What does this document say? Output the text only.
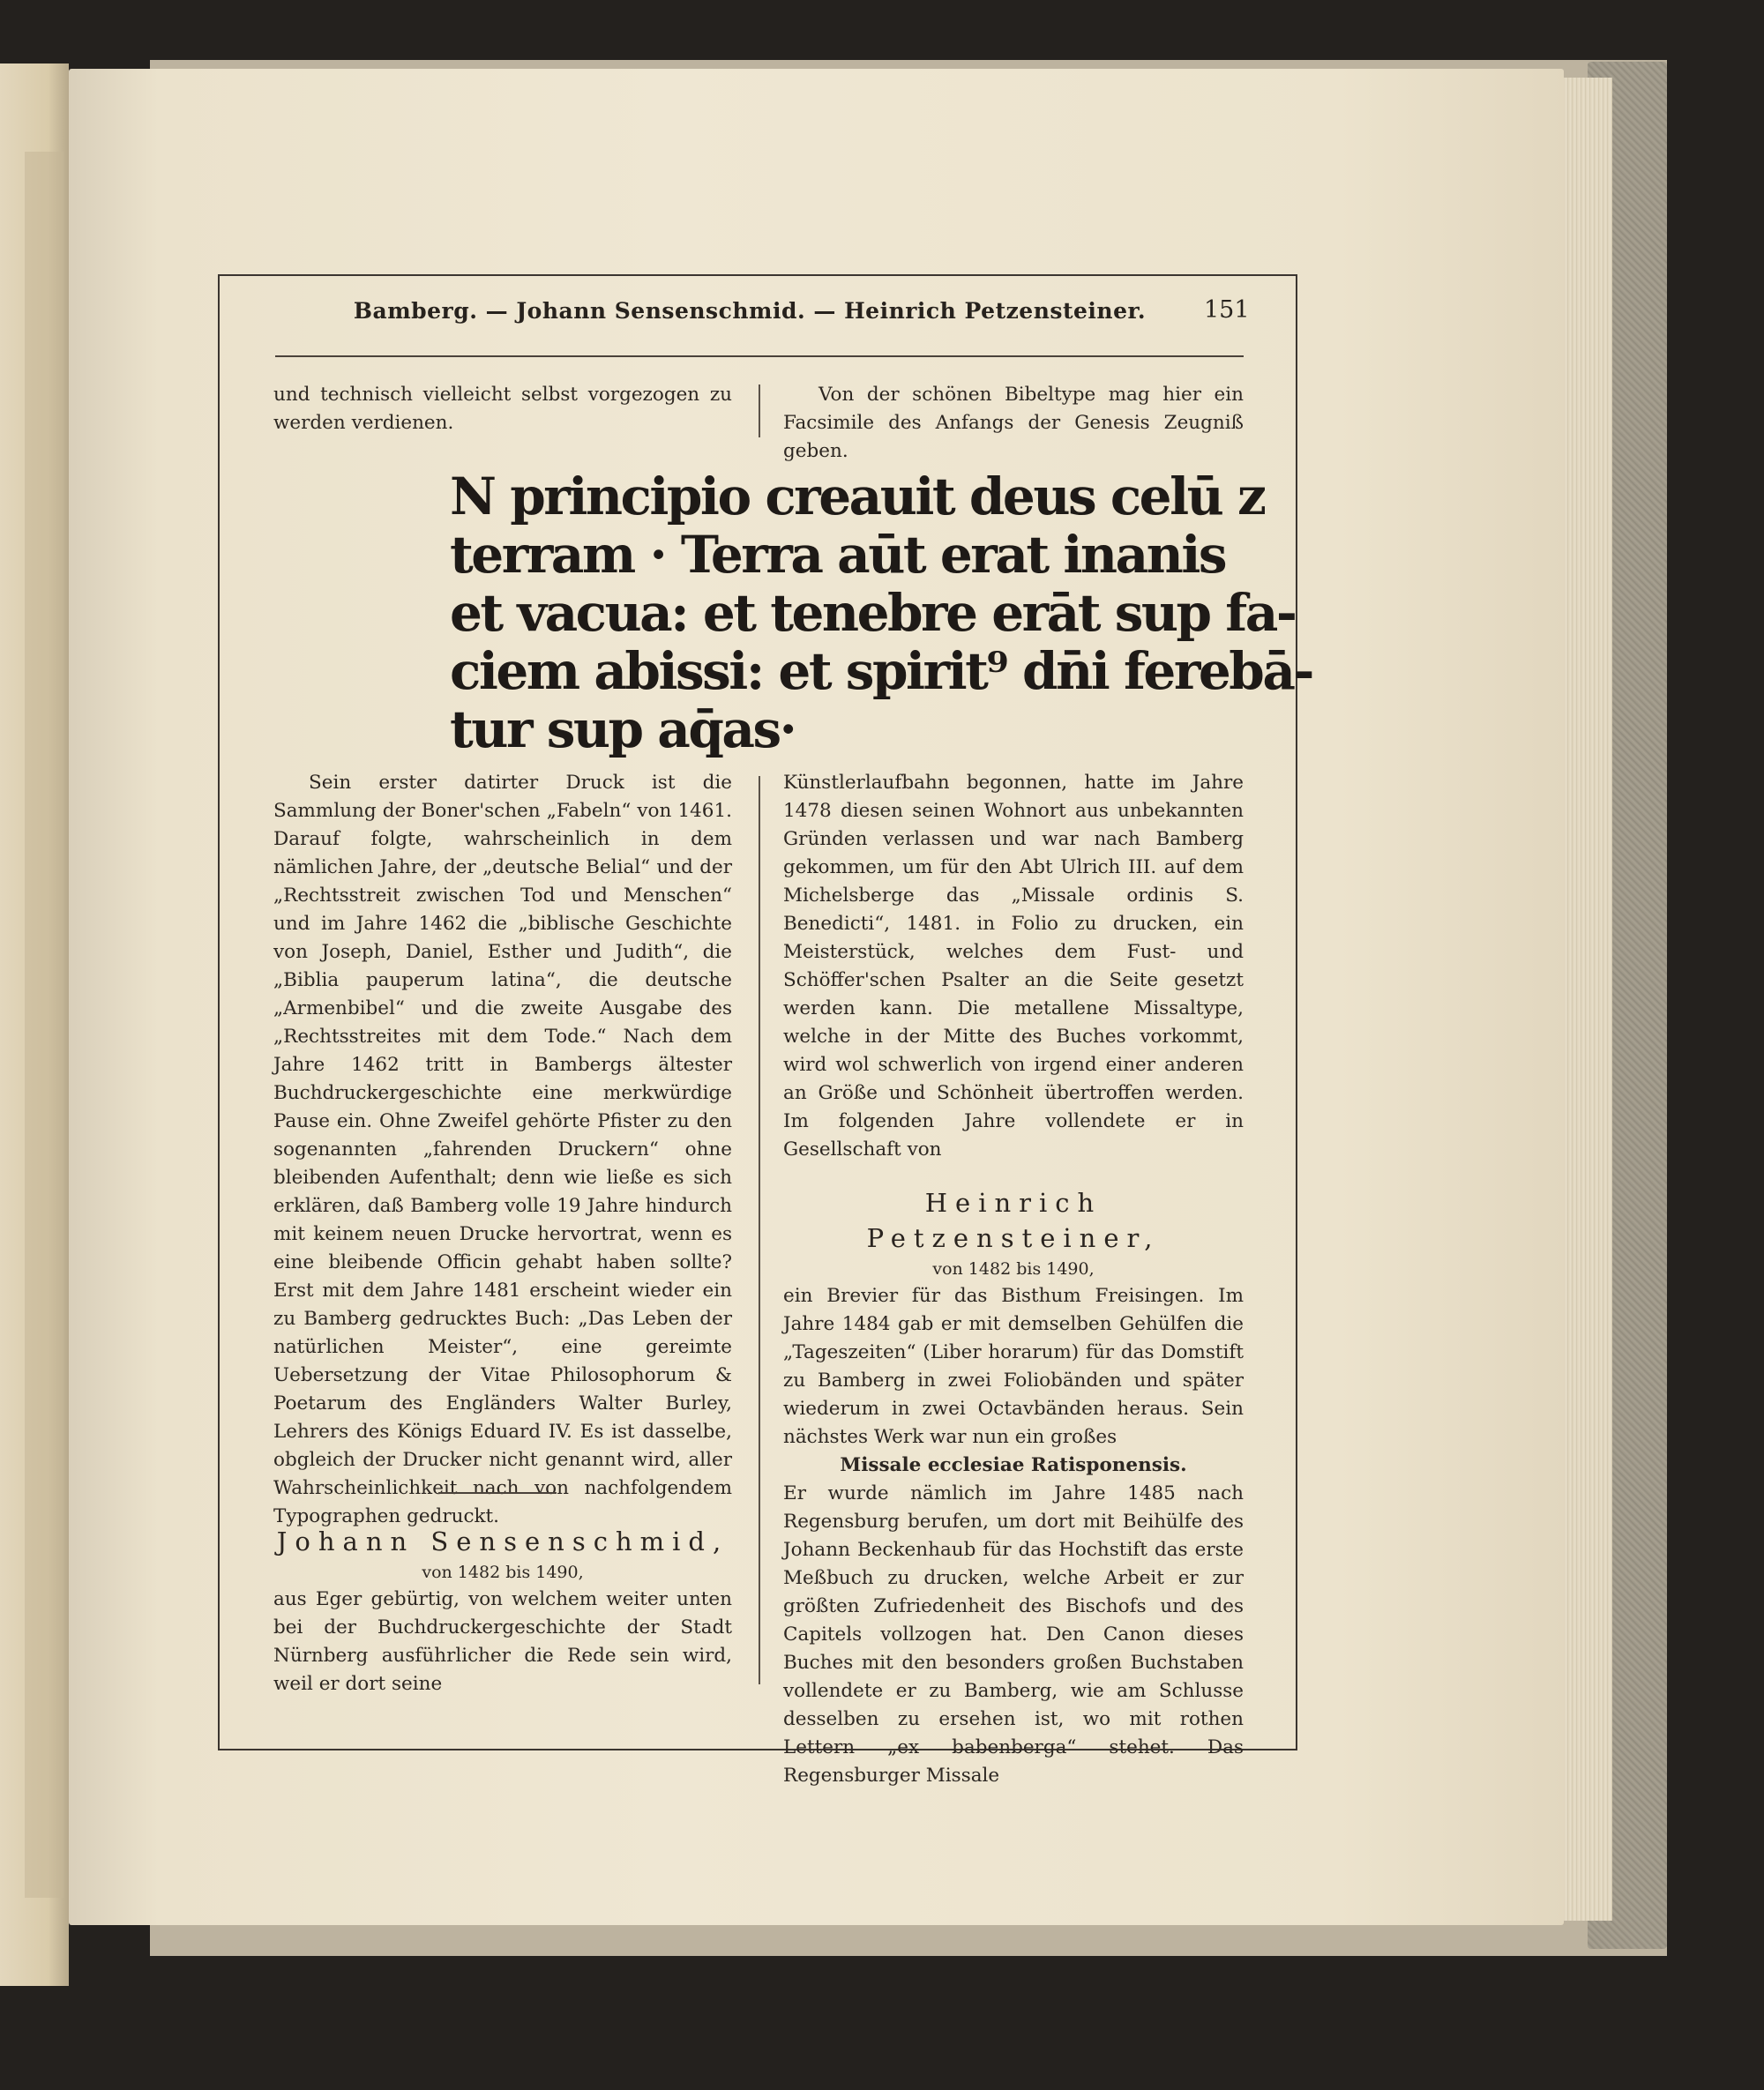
Bamberg. — Johann Sensenschmid. — Heinrich Petzensteiner.	151

und technisch vielleicht selbst vorgezogen zu werden verdienen.

Von der schönen Bibeltype mag hier ein Facsimile des Anfangs der Genesis Zeugniß geben.

N principio creauit deus celū z
terram · Terra aūt erat inanis
et vacua: et tenebre erāt sup fa-
ciem abissi: et spirit⁹ dn̄i ferebā-
tur sup aq̄as·

Sein erster datirter Druck ist die Sammlung der Boner'schen „Fabeln“ von 1461. Darauf folgte, wahrscheinlich in dem nämlichen Jahre, der „deutsche Belial“ und der „Rechtsstreit zwischen Tod und Menschen“ und im Jahre 1462 die „biblische Geschichte von Joseph, Daniel, Esther und Judith“, die „Biblia pauperum latina“, die deutsche „Armenbibel“ und die zweite Ausgabe des „Rechtsstreites mit dem Tode.“ Nach dem Jahre 1462 tritt in Bambergs ältester Buchdruckergeschichte eine merkwürdige Pause ein. Ohne Zweifel gehörte Pfister zu den sogenannten „fahrenden Druckern“ ohne bleibenden Aufenthalt; denn wie ließe es sich erklären, daß Bamberg volle 19 Jahre hindurch mit keinem neuen Drucke hervortrat, wenn es eine bleibende Officin gehabt haben sollte? Erst mit dem Jahre 1481 erscheint wieder ein zu Bamberg gedrucktes Buch: „Das Leben der natürlichen Meister“, eine gereimte Uebersetzung der Vitae Philosophorum & Poetarum des Engländers Walter Burley, Lehrers des Königs Eduard IV. Es ist dasselbe, obgleich der Drucker nicht genannt wird, aller Wahrscheinlichkeit nach von nachfolgendem Typographen gedruckt.

Johann Sensenschmid,

von 1482 bis 1490,

aus Eger gebürtig, von welchem weiter unten bei der Buchdruckergeschichte der Stadt Nürnberg ausführlicher die Rede sein wird, weil er dort seine

Künstlerlaufbahn begonnen, hatte im Jahre 1478 diesen seinen Wohnort aus unbekannten Gründen verlassen und war nach Bamberg gekommen, um für den Abt Ulrich III. auf dem Michelsberge das „Missale ordinis S. Benedicti“, 1481. in Folio zu drucken, ein Meisterstück, welches dem Fust- und Schöffer'schen Psalter an die Seite gesetzt werden kann. Die metallene Missaltype, welche in der Mitte des Buches vorkommt, wird wol schwerlich von irgend einer anderen an Größe und Schönheit übertroffen werden. Im folgenden Jahre vollendete er in Gesellschaft von

Heinrich Petzensteiner,

von 1482 bis 1490,

ein Brevier für das Bisthum Freisingen. Im Jahre 1484 gab er mit demselben Gehülfen die „Tageszeiten“ (Liber horarum) für das Domstift zu Bamberg in zwei Foliobänden und später wiederum in zwei Octavbänden heraus. Sein nächstes Werk war nun ein großes

Missale ecclesiae Ratisponensis.

Er wurde nämlich im Jahre 1485 nach Regensburg berufen, um dort mit Beihülfe des Johann Beckenhaub für das Hochstift das erste Meßbuch zu drucken, welche Arbeit er zur größten Zufriedenheit des Bischofs und des Capitels vollzogen hat. Den Canon dieses Buches mit den besonders großen Buchstaben vollendete er zu Bamberg, wie am Schlusse desselben zu ersehen ist, wo mit rothen Lettern „ex babenberga“ stehet. Das Regensburger Missale
